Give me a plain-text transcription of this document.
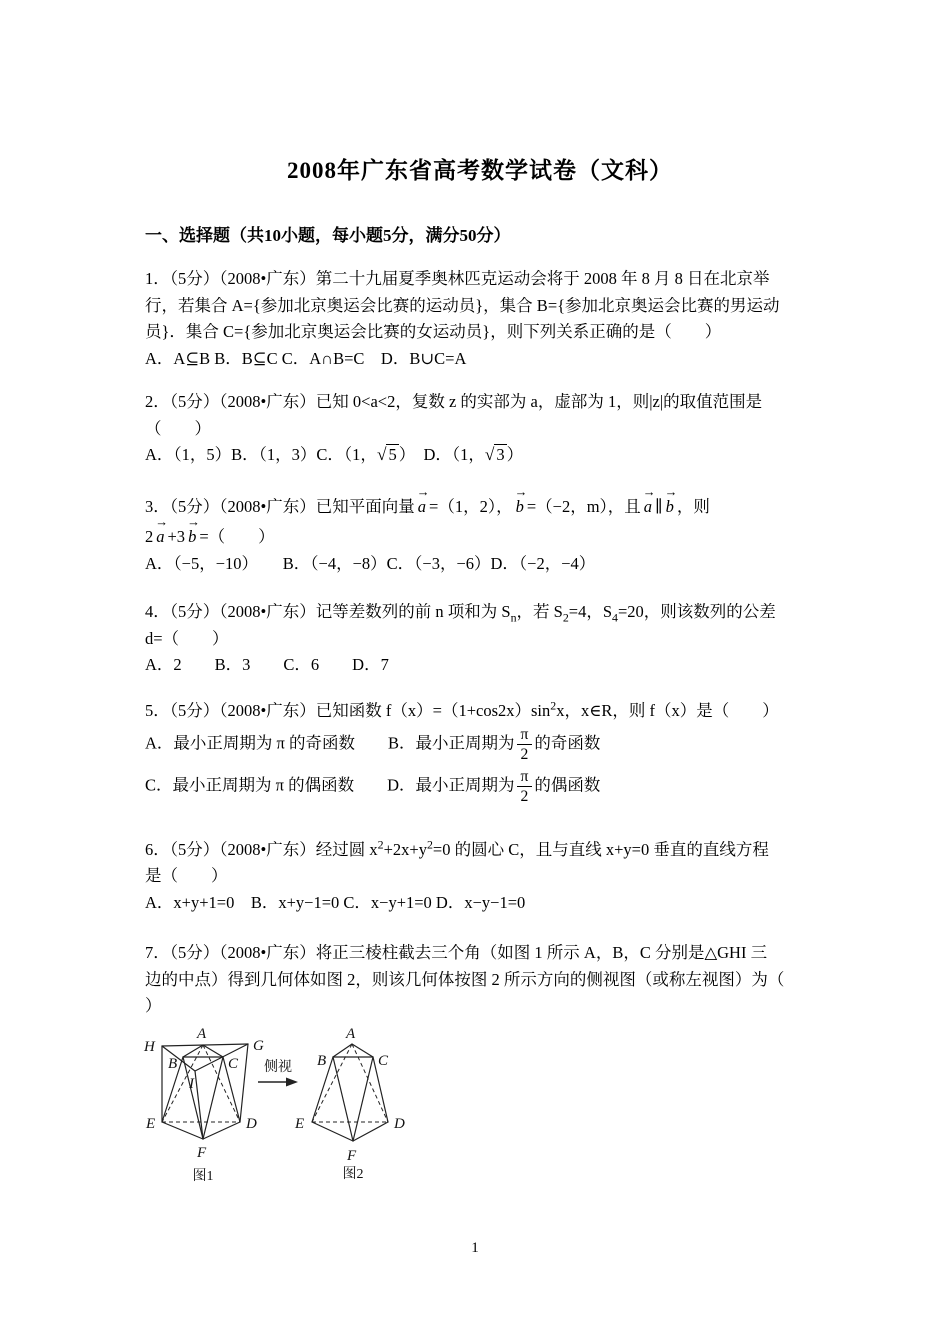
2008年广东省高考数学试卷（文科）
一、选择题（共10小题，每小题5分，满分50分）
1．（5分）（2008•广东）第二十九届夏季奥林匹克运动会将于 2008 年 8 月 8 日在北京举
行，若集合 A={参加北京奥运会比赛的运动员}，集合 B={参加北京奥运会比赛的男运动
员}．集合 C={参加北京奥运会比赛的女运动员}，则下列关系正确的是（　　）
A．A⊆B B．B⊆C C．A∩B=C　D．B∪C=A
2．（5分）（2008•广东）已知 0<a<2，复数 z 的实部为 a，虚部为 1，则|z|的取值范围是
（　　）
A．（1，5）B．（1，3）C．（1，√ 5 ）　D．（1，√ 3 ）
3．（5分）（2008•广东）已知平面向量
→
a =（1，2），
→
b =（−2，m），且
→
a ∥
→
b ，则
2
→
a +3
→
b =（　　）
A．（−5，−10）　　B．（−4，−8）C．（−3，−6）D．（−2，−4）
4．（5分）（2008•广东）记等差数列的前 n 项和为 $S_n$，若 $S_2=4$，$S_4=20$，则该数列的公差
d=（　　）
A．2　　B．3　　C．6　　D．7
5．（5分）（2008•广东）已知函数 $f(x)=(1+\cos 2x)\sin^2x$，x∈R，则 f（x）是（　　）
A．最小正周期为 π 的奇函数　　B．最小正周期为 $\frac{\pi}{2}$ 的奇函数
C．最小正周期为 π 的偶函数　　D．最小正周期为 $\frac{\pi}{2}$ 的偶函数
6．（5分）（2008•广东）经过圆 $x^2+2x+y^2=0$ 的圆心 C，且与直线 x+y=0 垂直的直线方程
是（　　）
A．x+y+1=0　B．x+y−1=0 C．x−y+1=0 D．x−y−1=0
7．（5分）（2008•广东）将正三棱柱截去三个角（如图 1 所示 A，B，C 分别是△GHI 三
边的中点）得到几何体如图 2，则该几何体按图 2 所示方向的侧视图（或称左视图）为（
）
H
A
G
B	C
I
E	D
F
图1
侧视
A
B	C
E	D
F
图2
1
